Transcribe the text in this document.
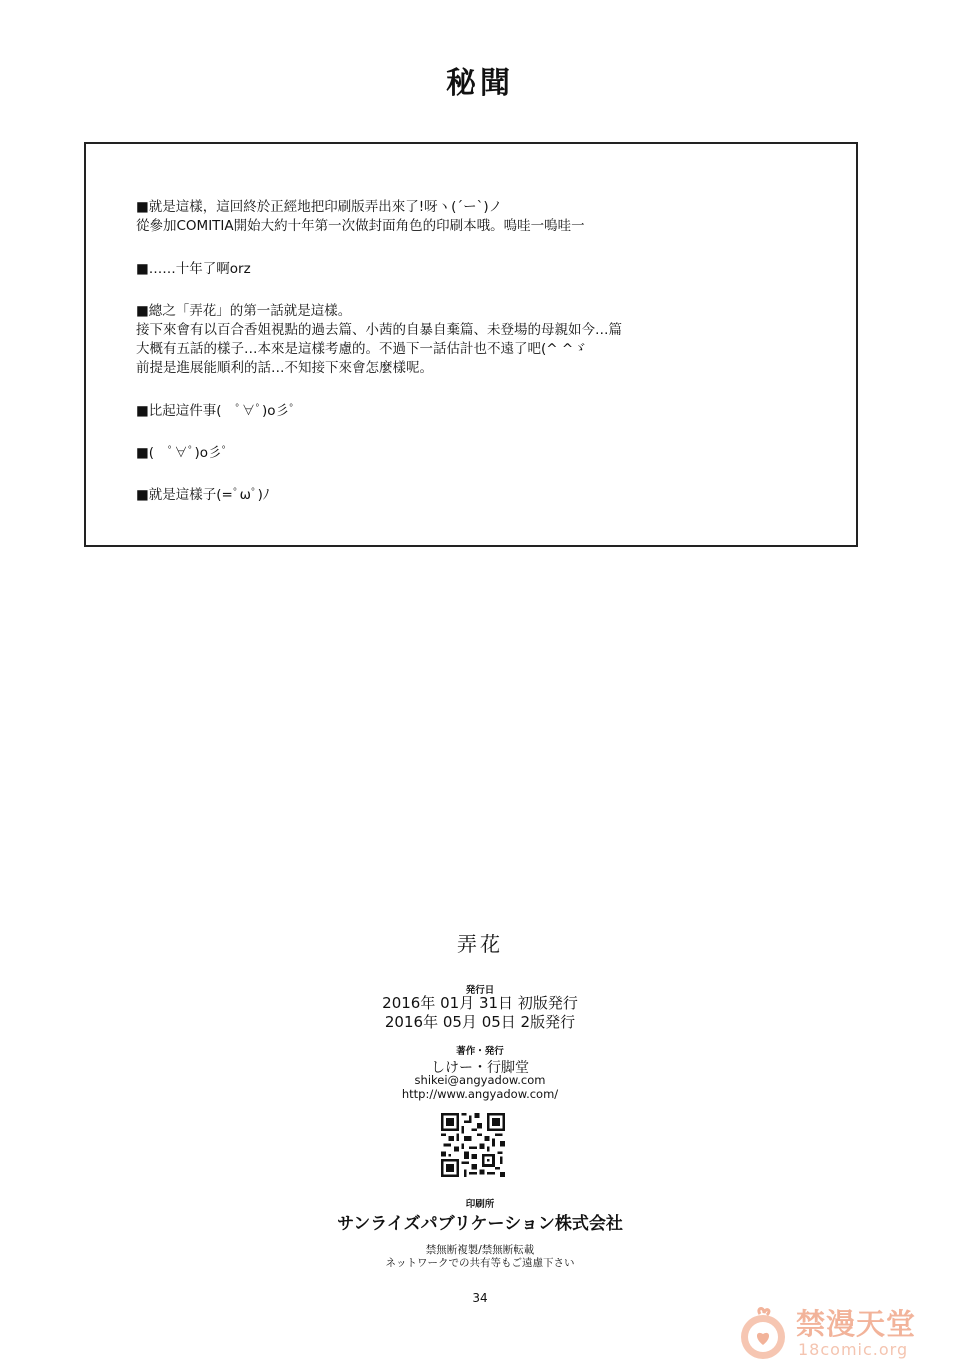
秘聞
■就是這樣，這回終於正經地把印刷版弄出來了!呀ヽ(´ー`)ノ
從參加COMITIA開始大約十年第一次做封面角色的印刷本哦。嗚哇一嗚哇一
■……十年了啊orz
■總之「弄花」的第一話就是這樣。
接下來會有以百合香姐視點的過去篇、小茜的自暴自棄篇、未登場的母親如今…篇
大概有五話的樣子…本來是這樣考慮的。不過下一話估計也不遠了吧(^ ^ゞ
前提是進展能順利的話…不知接下來會怎麼樣呢。
■比起這件事(　ﾟ∀ﾟ)o彡ﾟ
■(　ﾟ∀ﾟ)o彡ﾟ
■就是這樣子(=ﾟωﾟ)ﾉ
弄花
発行日
2016年 01月 31日 初版発行
2016年 05月 05日 2版発行
著作・発行
しけー・行脚堂
shikei@angyadow.com
http://www.angyadow.com/
印刷所
サンライズパブリケーション株式会社
禁無断複製/禁無断転載
ネットワークでの共有等もご遠慮下さい
34
禁漫天堂
18comic.org
